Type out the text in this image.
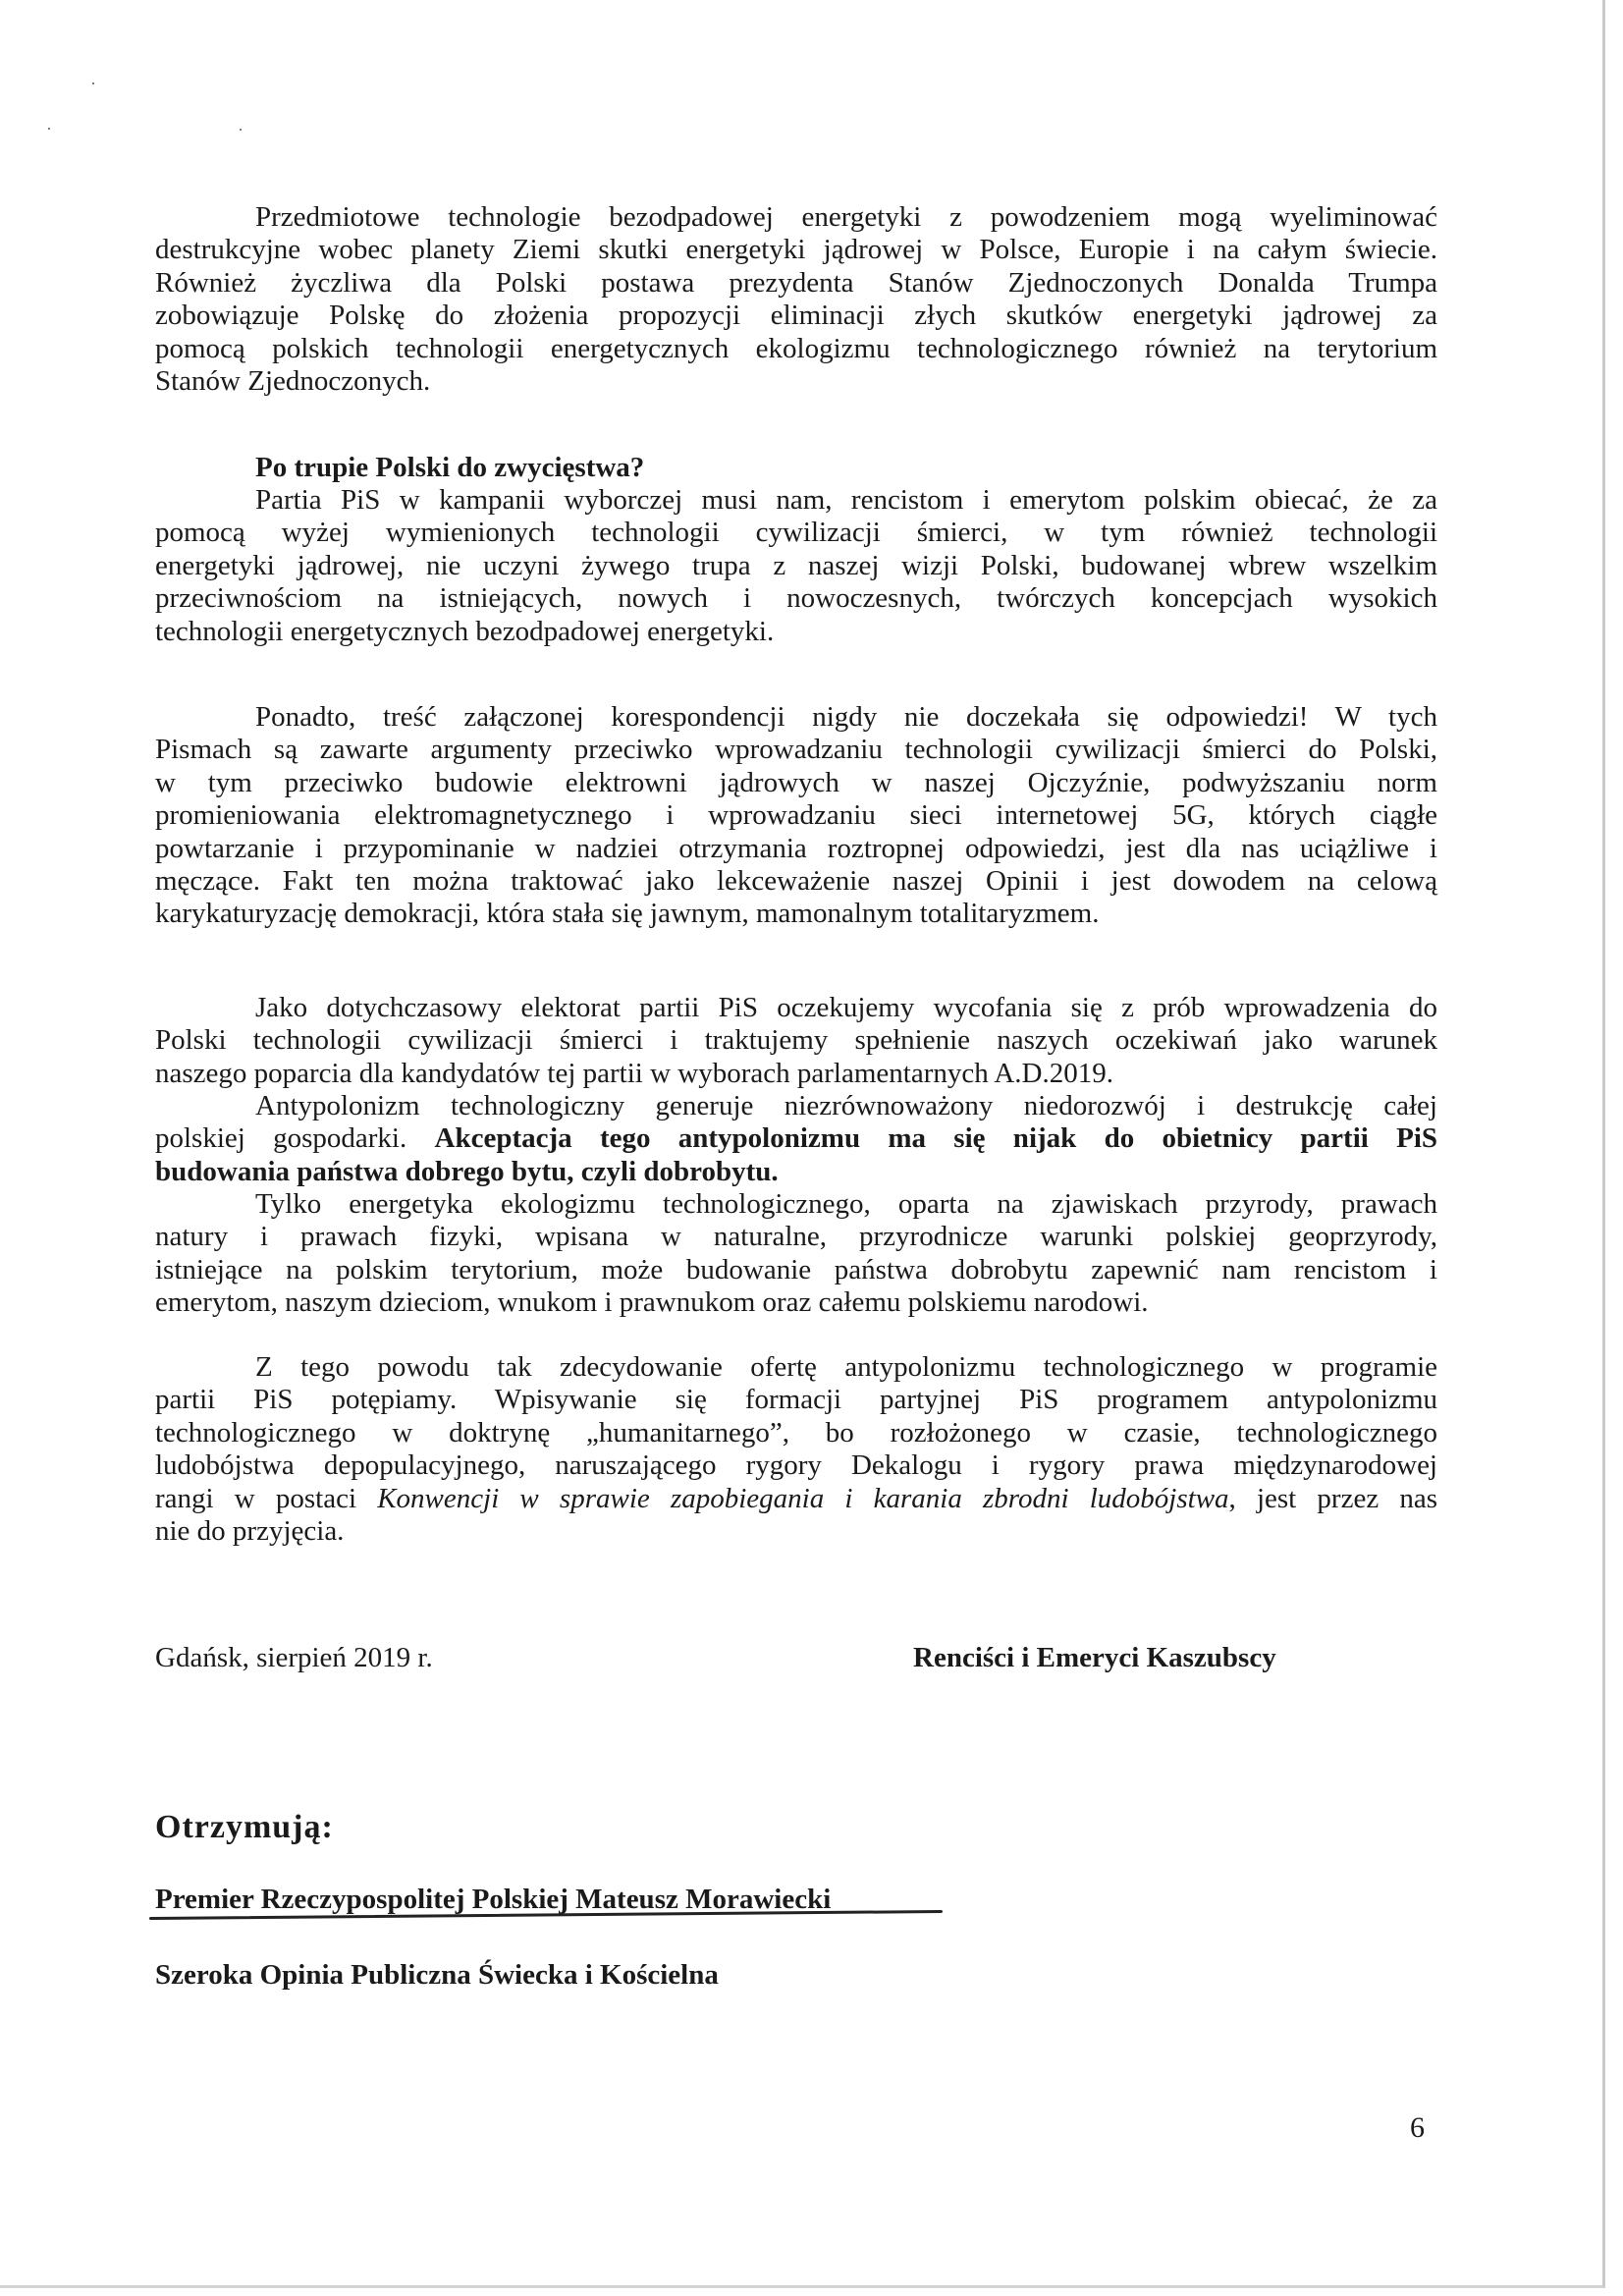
Przedmiotowe technologie bezodpadowej energetyki z powodzeniem mogą wyeliminować
destrukcyjne wobec planety Ziemi skutki energetyki jądrowej w Polsce, Europie i na całym świecie.
Również życzliwa dla Polski postawa prezydenta Stanów Zjednoczonych Donalda Trumpa
zobowiązuje Polskę do złożenia propozycji eliminacji złych skutków energetyki jądrowej za
pomocą polskich technologii energetycznych ekologizmu technologicznego również na terytorium
Stanów Zjednoczonych.
Po trupie Polski do zwycięstwa?
Partia PiS w kampanii wyborczej musi nam, rencistom i emerytom polskim obiecać, że za
pomocą wyżej wymienionych technologii cywilizacji śmierci, w tym również technologii
energetyki jądrowej, nie uczyni żywego trupa z naszej wizji Polski, budowanej wbrew wszelkim
przeciwnościom na istniejących, nowych i nowoczesnych, twórczych koncepcjach wysokich
technologii energetycznych bezodpadowej energetyki.
Ponadto, treść załączonej korespondencji nigdy nie doczekała się odpowiedzi! W tych
Pismach są zawarte argumenty przeciwko wprowadzaniu technologii cywilizacji śmierci do Polski,
w tym przeciwko budowie elektrowni jądrowych w naszej Ojczyźnie, podwyższaniu norm
promieniowania elektromagnetycznego i wprowadzaniu sieci internetowej 5G, których ciągłe
powtarzanie i przypominanie w nadziei otrzymania roztropnej odpowiedzi, jest dla nas uciążliwe i
męczące. Fakt ten można traktować jako lekceważenie naszej Opinii i jest dowodem na celową
karykaturyzację demokracji, która stała się jawnym, mamonalnym totalitaryzmem.
Jako dotychczasowy elektorat partii PiS oczekujemy wycofania się z prób wprowadzenia do
Polski technologii cywilizacji śmierci i traktujemy spełnienie naszych oczekiwań jako warunek
naszego poparcia dla kandydatów tej partii w wyborach parlamentarnych A.D.2019.
Antypolonizm technologiczny generuje niezrównoważony niedorozwój i destrukcję całej
polskiej gospodarki. Akceptacja tego antypolonizmu ma się nijak do obietnicy partii PiS
budowania państwa dobrego bytu, czyli dobrobytu.
Tylko energetyka ekologizmu technologicznego, oparta na zjawiskach przyrody, prawach
natury i prawach fizyki, wpisana w naturalne, przyrodnicze warunki polskiej geoprzyrody,
istniejące na polskim terytorium, może budowanie państwa dobrobytu zapewnić nam rencistom i
emerytom, naszym dzieciom, wnukom i prawnukom oraz całemu polskiemu narodowi.
Z tego powodu tak zdecydowanie ofertę antypolonizmu technologicznego w programie
partii PiS potępiamy. Wpisywanie się formacji partyjnej PiS programem antypolonizmu
technologicznego w doktrynę „humanitarnego”, bo rozłożonego w czasie, technologicznego
ludobójstwa depopulacyjnego, naruszającego rygory Dekalogu i rygory prawa międzynarodowej
rangi w postaci Konwencji w sprawie zapobiegania i karania zbrodni ludobójstwa, jest przez nas
nie do przyjęcia.
Gdańsk, sierpień 2019 r.	Renciści i Emeryci Kaszubscy
Otrzymują:
Premier Rzeczypospolitej Polskiej Mateusz Morawiecki
Szeroka Opinia Publiczna Świecka i Kościelna
6
